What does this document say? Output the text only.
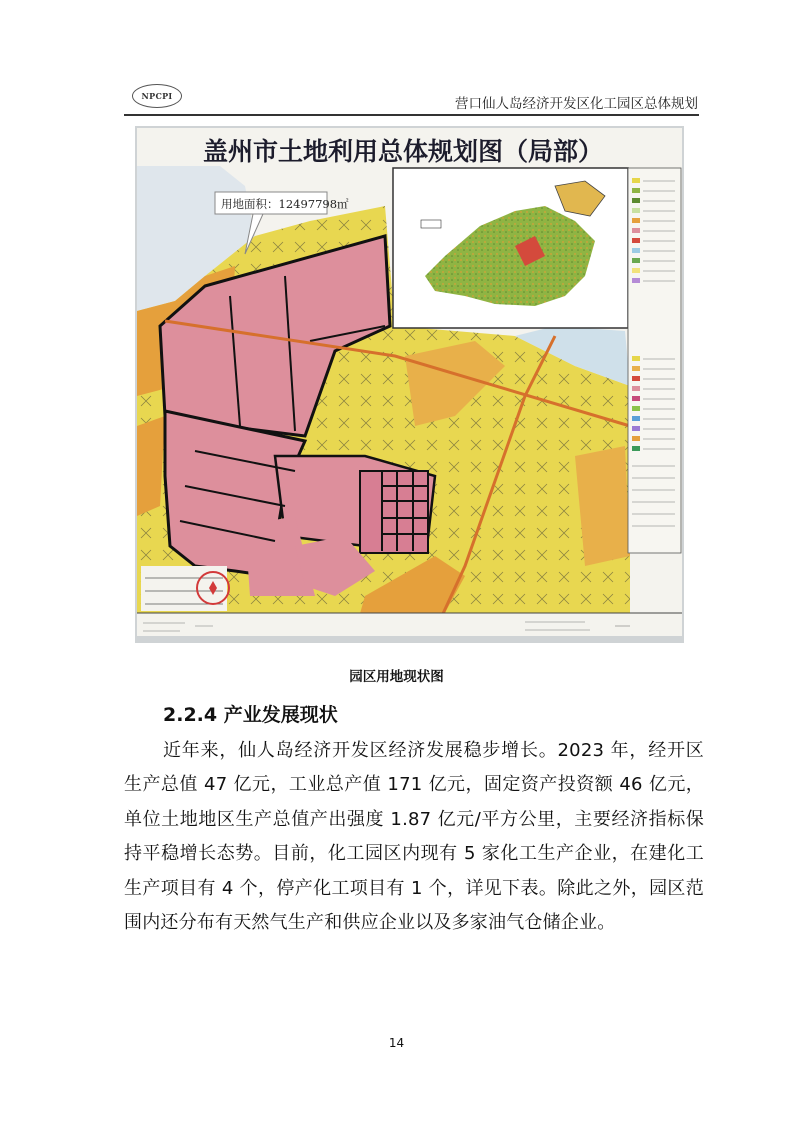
NPCPI	营口仙人岛经济开发区化工园区总体规划
盖州市土地利用总体规划图（局部）
用地面积：12497798㎡
园区用地现状图
2.2.4 产业发展现状
近年来，仙人岛经济开发区经济发展稳步增长。2023 年，经开区生产总值 47 亿元，工业总产值 171 亿元，固定资产投资额 46 亿元，单位土地地区生产总值产出强度 1.87 亿元/平方公里，主要经济指标保持平稳增长态势。目前，化工园区内现有 5 家化工生产企业，在建化工生产项目有 4 个，停产化工项目有 1 个，详见下表。除此之外，园区范围内还分布有天然气生产和供应企业以及多家油气仓储企业。
14
